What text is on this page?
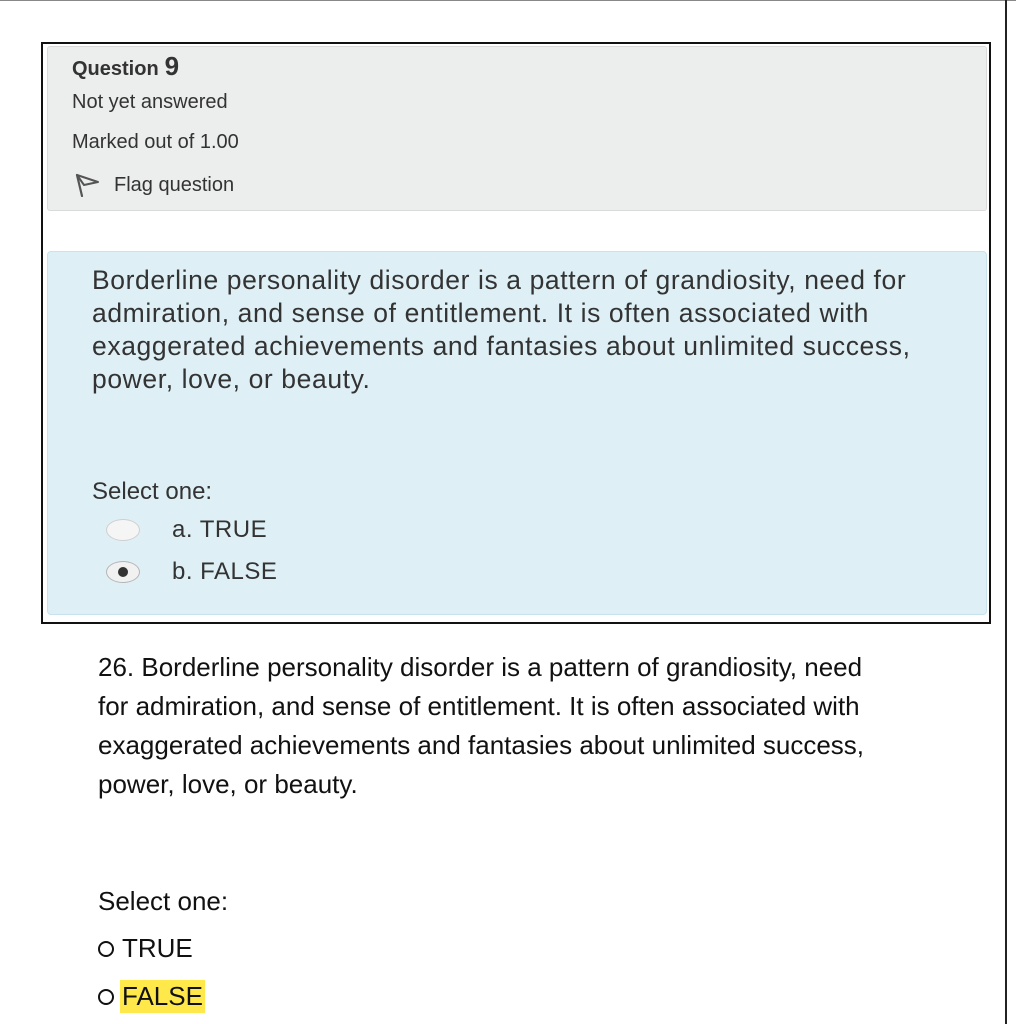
Question 9
Not yet answered
Marked out of 1.00
Flag question
Borderline personality disorder is a pattern of grandiosity, need for admiration, and sense of entitlement. It is often associated with exaggerated achievements and fantasies about unlimited success, power, love, or beauty.
Select one:
a. TRUE
b. FALSE
26. Borderline personality disorder is a pattern of grandiosity, need for admiration, and sense of entitlement. It is often associated with exaggerated achievements and fantasies about unlimited success, power, love, or beauty.
Select one:
TRUE
FALSE
